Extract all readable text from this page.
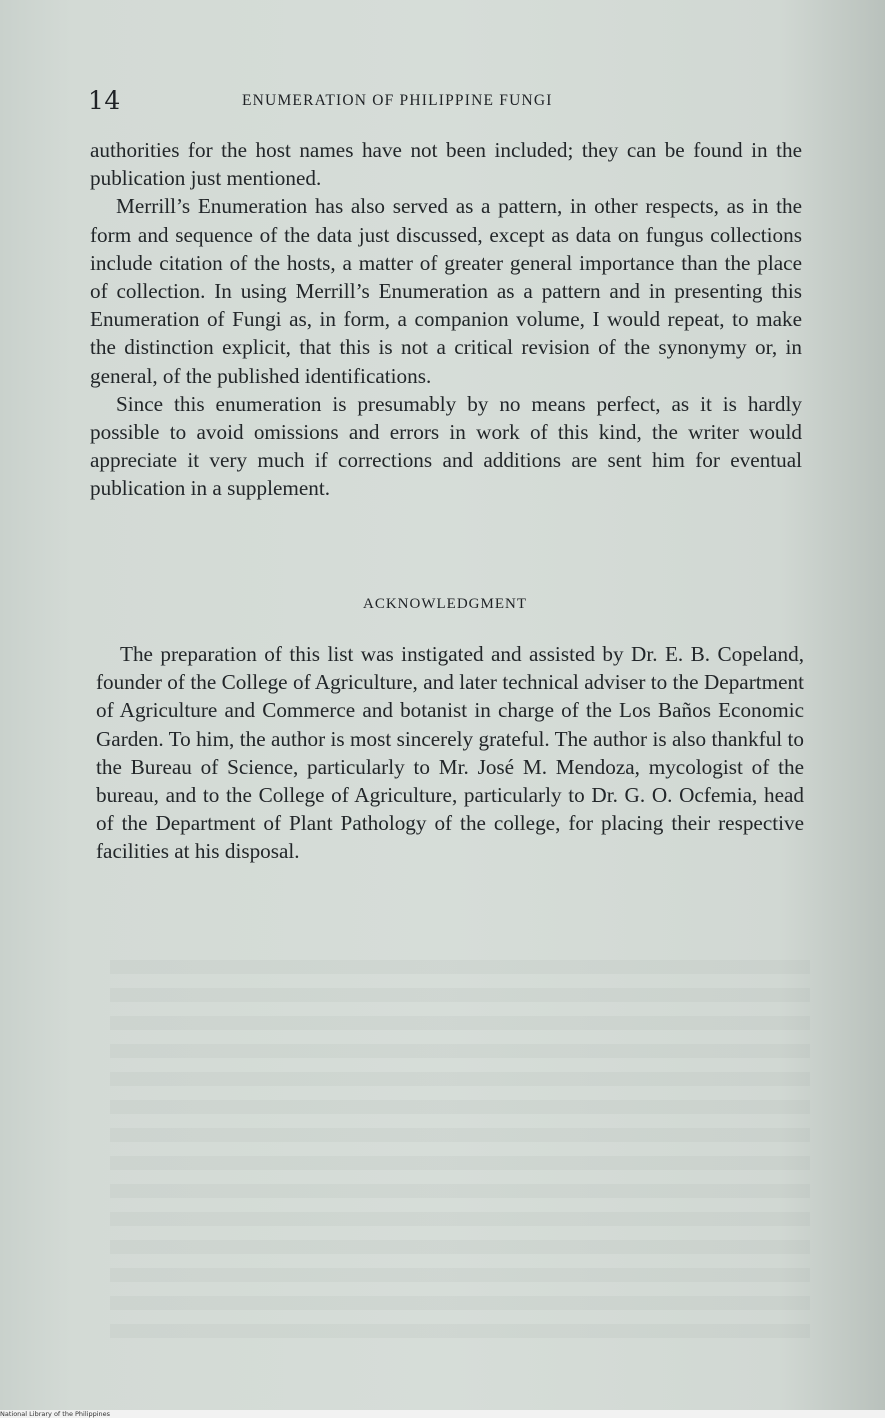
14	ENUMERATION OF PHILIPPINE FUNGI

authorities for the host names have not been included; they can be found in the publication just mentioned.

Merrill’s Enumeration has also served as a pattern, in other respects, as in the form and sequence of the data just discussed, except as data on fungus collections include citation of the hosts, a matter of greater general importance than the place of collection. In using Merrill’s Enumeration as a pattern and in presenting this Enumeration of Fungi as, in form, a companion volume, I would repeat, to make the distinction explicit, that this is not a critical revision of the synonymy or, in general, of the published identifications.

Since this enumeration is presumably by no means perfect, as it is hardly possible to avoid omissions and errors in work of this kind, the writer would appreciate it very much if corrections and additions are sent him for eventual publication in a supplement.

ACKNOWLEDGMENT

The preparation of this list was instigated and assisted by Dr. E. B. Copeland, founder of the College of Agriculture, and later technical adviser to the Department of Agriculture and Commerce and botanist in charge of the Los Baños Economic Garden. To him, the author is most sincerely grateful. The author is also thankful to the Bureau of Science, particularly to Mr. José M. Mendoza, mycologist of the bureau, and to the College of Agriculture, particularly to Dr. G. O. Ocfemia, head of the Department of Plant Pathology of the college, for placing their respective facilities at his disposal.

National Library of the Philippines
